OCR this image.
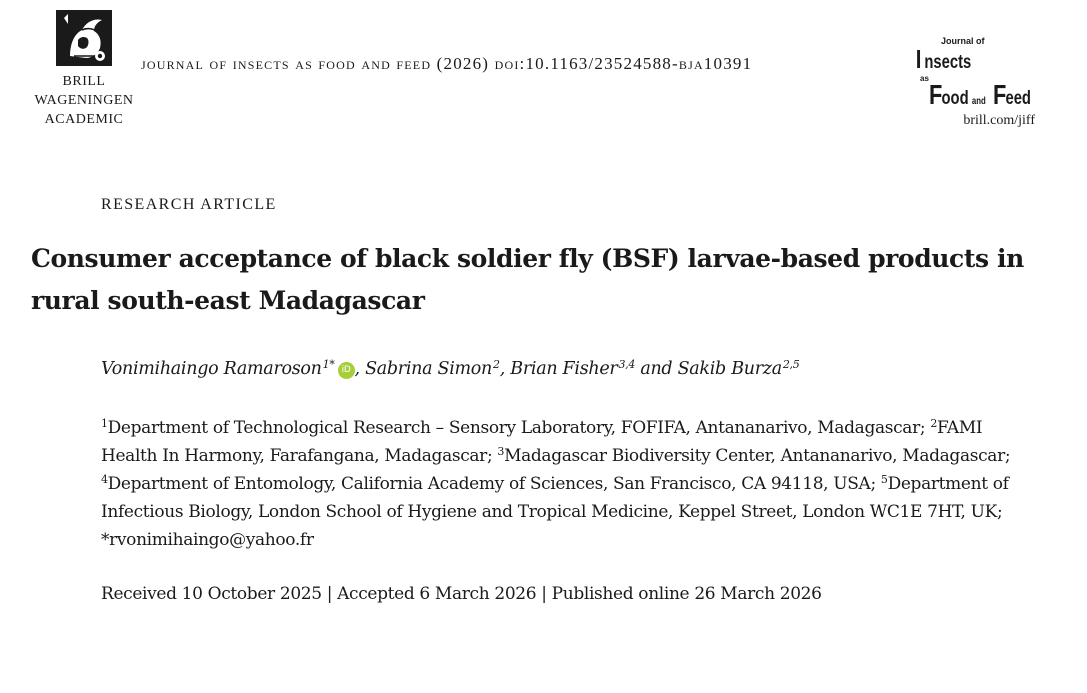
BRILL
WAGENINGEN
ACADEMIC
journal of insects as food and feed (2026) doi:10.1163/23524588-bja10391
Journal of
I nsects
as
F ood and F eed
brill.com/jiff
RESEARCH ARTICLE
Consumer acceptance of black soldier fly (BSF) larvae-based products in rural south-east Madagascar
Vonimihaingo Ramaroson$^{1*}$ iD , Sabrina Simon$^2$, Brian Fisher$^{3,4}$ and Sakib Burza$^{2,5}$

$^1$Department of Technological Research – Sensory Laboratory, FOFIFA, Antananarivo, Madagascar; $^2$FAMI Health In Harmony, Farafangana, Madagascar; $^3$Madagascar Biodiversity Center, Antananarivo, Madagascar; $^4$Department of Entomology, California Academy of Sciences, San Francisco, CA 94118, USA; $^5$Department of Infectious Biology, London School of Hygiene and Tropical Medicine, Keppel Street, London WC1E 7HT, UK; *rvonimihaingo@yahoo.fr

Received 10 October 2025 | Accepted 6 March 2026 | Published online 26 March 2026
